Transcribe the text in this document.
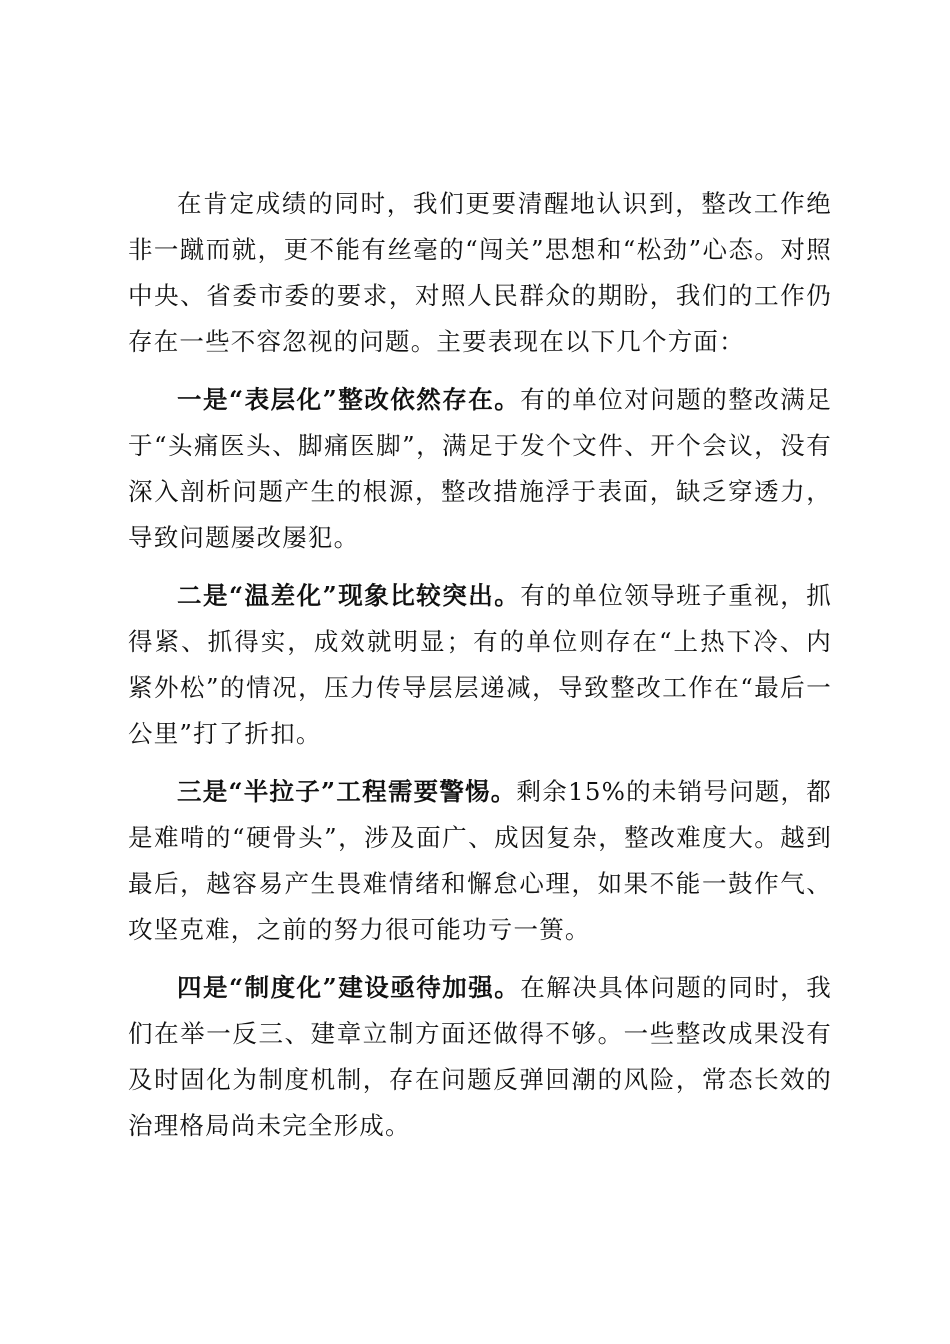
在肯定成绩的同时，我们更要清醒地认识到，整改工作绝非一蹴而就，更不能有丝毫的“闯关”思想和“松劲”心态。对照中央、省委市委的要求，对照人民群众的期盼，我们的工作仍存在一些不容忽视的问题。主要表现在以下几个方面：

一是“表层化”整改依然存在。有的单位对问题的整改满足于“头痛医头、脚痛医脚”，满足于发个文件、开个会议，没有深入剖析问题产生的根源，整改措施浮于表面，缺乏穿透力，导致问题屡改屡犯。

二是“温差化”现象比较突出。有的单位领导班子重视，抓得紧、抓得实，成效就明显；有的单位则存在“上热下冷、内紧外松”的情况，压力传导层层递减，导致整改工作在“最后一公里”打了折扣。

三是“半拉子”工程需要警惕。剩余15%的未销号问题，都是难啃的“硬骨头”，涉及面广、成因复杂，整改难度大。越到最后，越容易产生畏难情绪和懈怠心理，如果不能一鼓作气、攻坚克难，之前的努力很可能功亏一篑。

四是“制度化”建设亟待加强。在解决具体问题的同时，我们在举一反三、建章立制方面还做得不够。一些整改成果没有及时固化为制度机制，存在问题反弹回潮的风险，常态长效的治理格局尚未完全形成。
